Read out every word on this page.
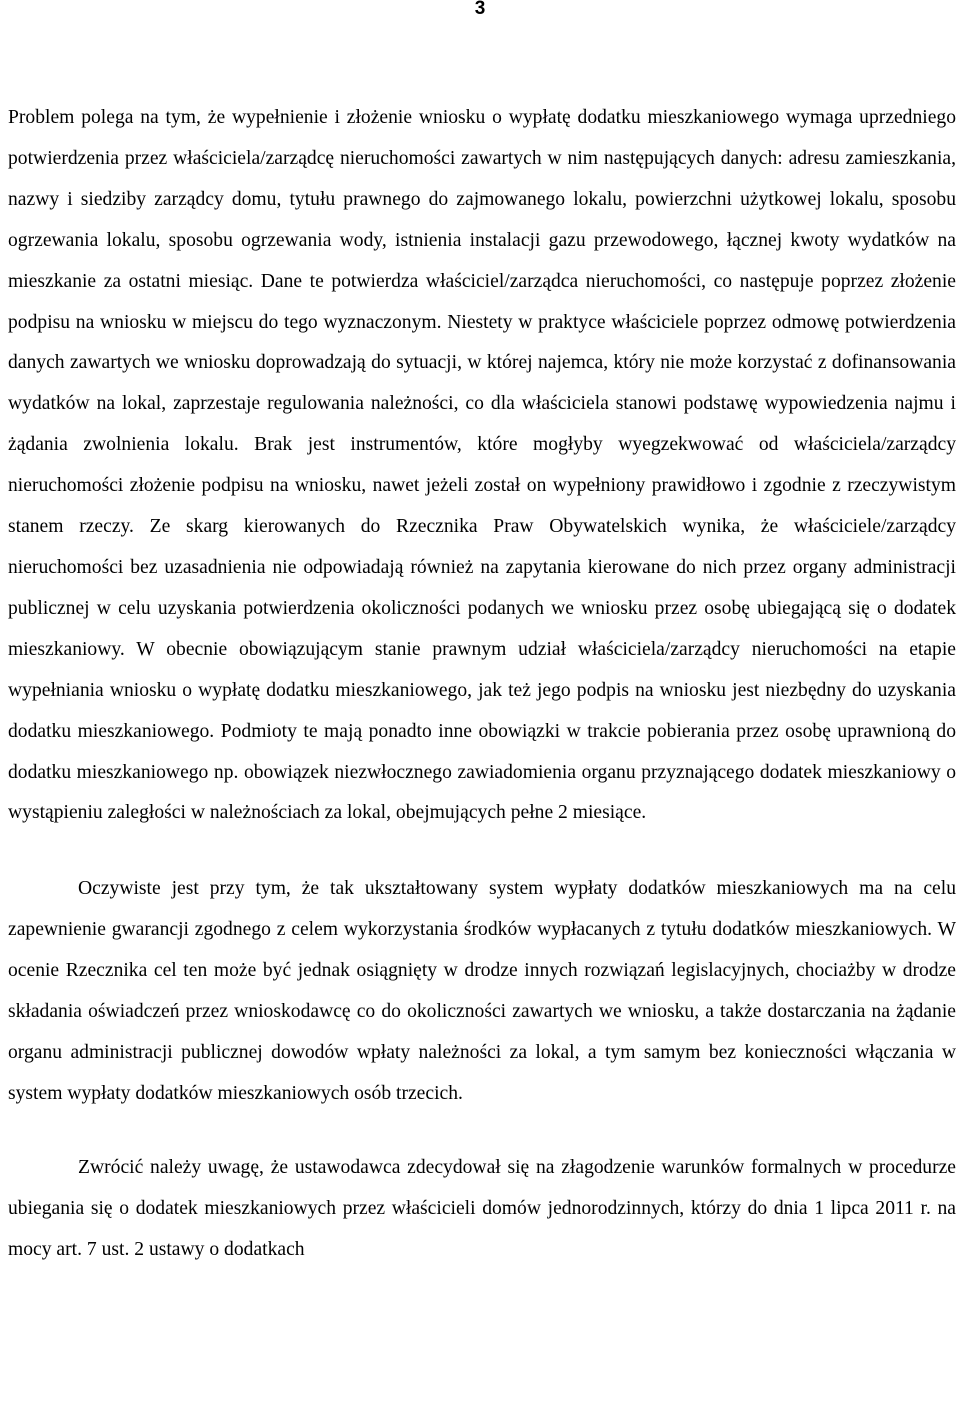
3

Problem polega na tym, że wypełnienie i złożenie wniosku o wypłatę dodatku mieszkaniowego wymaga uprzedniego potwierdzenia przez właściciela/zarządcę nieruchomości zawartych w nim następujących danych: adresu zamieszkania, nazwy i siedziby zarządcy domu, tytułu prawnego do zajmowanego lokalu, powierzchni użytkowej lokalu, sposobu ogrzewania lokalu, sposobu ogrzewania wody, istnienia instalacji gazu przewodowego, łącznej kwoty wydatków na mieszkanie za ostatni miesiąc. Dane te potwierdza właściciel/zarządca nieruchomości, co następuje poprzez złożenie podpisu na wniosku w miejscu do tego wyznaczonym. Niestety w praktyce właściciele poprzez odmowę potwierdzenia danych zawartych we wniosku doprowadzają do sytuacji, w której najemca, który nie może korzystać z dofinansowania wydatków na lokal, zaprzestaje regulowania należności, co dla właściciela stanowi podstawę wypowiedzenia najmu i żądania zwolnienia lokalu. Brak jest instrumentów, które mogłyby wyegzekwować od właściciela/zarządcy nieruchomości złożenie podpisu na wniosku, nawet jeżeli został on wypełniony prawidłowo i zgodnie z rzeczywistym stanem rzeczy. Ze skarg kierowanych do Rzecznika Praw Obywatelskich wynika, że właściciele/zarządcy nieruchomości bez uzasadnienia nie odpowiadają również na zapytania kierowane do nich przez organy administracji publicznej w celu uzyskania potwierdzenia okoliczności podanych we wniosku przez osobę ubiegającą się o dodatek mieszkaniowy. W obecnie obowiązującym stanie prawnym udział właściciela/zarządcy nieruchomości na etapie wypełniania wniosku o wypłatę dodatku mieszkaniowego, jak też jego podpis na wniosku jest niezbędny do uzyskania dodatku mieszkaniowego. Podmioty te mają ponadto inne obowiązki w trakcie pobierania przez osobę uprawnioną do dodatku mieszkaniowego np. obowiązek niezwłocznego zawiadomienia organu przyznającego dodatek mieszkaniowy o wystąpieniu zaległości w należnościach za lokal, obejmujących pełne 2 miesiące.

Oczywiste jest przy tym, że tak ukształtowany system wypłaty dodatków mieszkaniowych ma na celu zapewnienie gwarancji zgodnego z celem wykorzystania środków wypłacanych z tytułu dodatków mieszkaniowych. W ocenie Rzecznika cel ten może być jednak osiągnięty w drodze innych rozwiązań legislacyjnych, chociażby w drodze składania oświadczeń przez wnioskodawcę co do okoliczności zawartych we wniosku, a także dostarczania na żądanie organu administracji publicznej dowodów wpłaty należności za lokal, a tym samym bez konieczności włączania w system wypłaty dodatków mieszkaniowych osób trzecich.

Zwrócić należy uwagę, że ustawodawca zdecydował się na złagodzenie warunków formalnych w procedurze ubiegania się o dodatek mieszkaniowych przez właścicieli domów jednorodzinnych, którzy do dnia 1 lipca 2011 r. na mocy art. 7 ust. 2 ustawy o dodatkach
